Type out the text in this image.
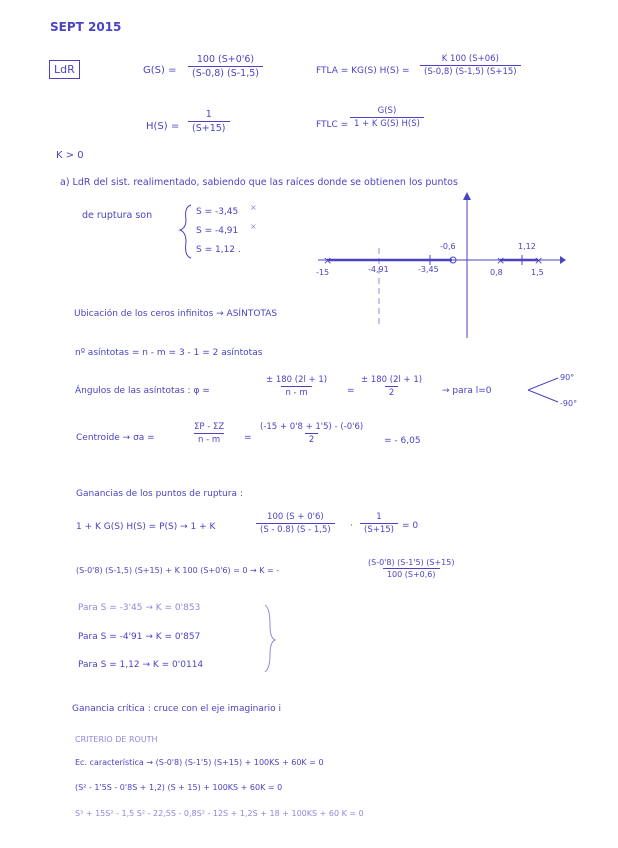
SEPT 2015
LdR	$G(S) = \frac{100 (S+0'6)}{(S-0,8) (S-1,5)}$	FTLA = KG(S) $H(S) = \frac{K 100 (S+06)}{(S-0,8) (S-1,5) (S+15)}$
$H(S) = \frac{1}{(S+15)}$	FTLC = $\frac{G(S)}{\text{1 + K G(S) H(S)}}$
K > 0
a) LdR del sist. realimentado, sabiendo que las raíces donde se obtienen los puntos
de ruptura son	S = -3,45
S = -4,91
S = 1,12 .
×
×
×	×	×
-15	-4,91	-3,45
-0,6
0,8	1,5
1,12
Ubicación de los ceros infinitos → ASÍNTOTAS
nº asíntotas = n - m = 3 - 1 = 2 asíntotas
Ángulos de las asíntotas : φ =	$\frac{\pm 180 (2l + 1)}{n - m} = \frac{\pm 180 (2l + 1)}{2}$ → para l=0
90°
-90°
Centroide → σa =	$\frac{\Sigma P - \Sigma Z}{n - m} = \frac{(-15 + 0'8 + 1'5) - (-0'6)}{2}$ = - 6,05
Ganancias de los puntos de ruptura :
1 + K G(S) H(S) = P(S) → 1 + K	$\frac{100 (S + 0'6)}{(S - 0.8) (S - 1,5)} \cdot \frac{1}{(S+15)} = 0$
(S-0'8) (S-1,5) (S+15) + K 100 (S+0'6) = 0 → K = -	$\frac{(S-0'8) (S-1'5) (S+15)}{100 (S+0,6)}$
Para S = -3'45 → K = 0'853
Para S = -4'91 → K = 0'857
Para S = 1,12 → K = 0'0114
Ganancia crítica : cruce con el eje imaginario i
CRITERIO DE ROUTH
Ec. característica → (S-0'8) (S-1'5) (S+15) + 100KS + 60K = 0
(S² - 1'5S - 0'8S + 1,2) (S + 15) + 100KS + 60K = 0
S³ + 15S² - 1,5 S² - 22,5S - 0,8S² - 12S + 1,2S + 18 + 100KS + 60 K = 0
